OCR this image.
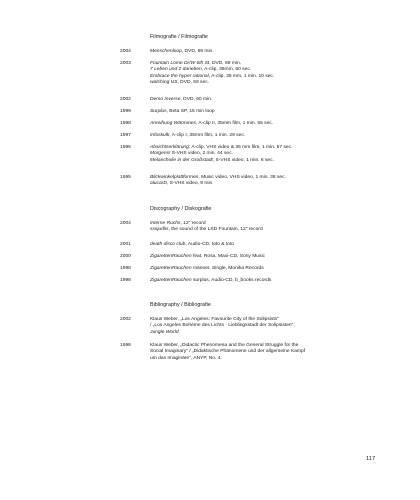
Filmografie / Filmografie
2004	Menschenloop, DVD, 69 min.
2003	Fountain Lome Dr/W 6th St, DVD, 69 min.
7 Leben und 2 daneben, A-clip, 35mm, 60 sec.
Embrace the hyper rational, A-clip, 35 mm, 1 min. 10 sec.
watching US, DVD, 59 sec.
2002	Demo Inverse, DVD, 60 min.
1999	Surplus, Beta SP, 15 min loop
1998	Anreihung Wärmmes, A-clip II, 35mm film, 1 min. 55 sec.
1997	Infoskulk, A-clip I, 35mm film, 1 min. 29 sec.
1996	Absichtserklärung: A-clip, VHS video & 35 mm film, 1 min. 57 sec.
Morgens! S-VHS video, 2 min. 44 sec.
Melancholie in der Großstadt, S-VHS video, 1 min. 6 sec.
1995	Blickwinkelplattformen, Music video, VHS video, 1 min. 38 sec.
alucarD, S-VHS video, 9 min
Discography / Diskografie
2004	Interne Ruchs, 12" record
sssjudlis, the sound of the LSD Fountain, 12" record
2001	death disco club, Audio-CD, toto & toto
2000	ZigarettenRauchen feat. Rosa, Maxi-CD, Sony Music
1998	ZigarettenRauchen männer, Single, Monika Records
1998	ZigarettenRauchen surplus, Audio-CD, b_books records
Bibliography / Bibliografie
2002	Klaus Weber, „Los Angeles: Favourite City of the Solipsists"
/ „Los Angeles Bohème des Lichts · Lieblingsstadt der Solipsisten",
Jungle World
1998	Klaus Weber, „Didactic Phenomena and the General Struggle for the
Social Imaginary" / „Didaktische Phänomene und der allgemeine Kampf
um das Imaginäre", ANYP, No. 4.
117
